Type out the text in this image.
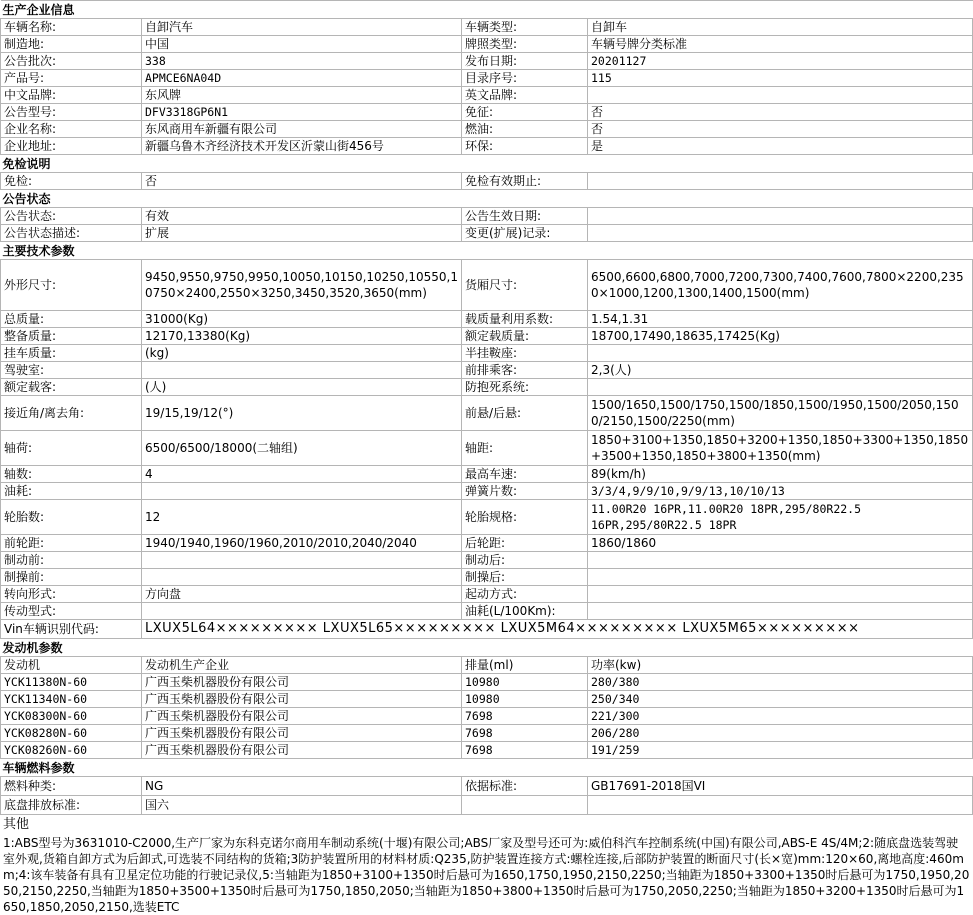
生产企业信息			
车辆名称:	自卸汽车	车辆类型:	自卸车
制造地:	中国	牌照类型:	车辆号牌分类标准
公告批次:	338	发布日期:	20201127
产品号:	APMCE6NA04D	目录序号:	115
中文品牌:	东风牌	英文品牌:	
公告型号:	DFV3318GP6N1	免征:	否
企业名称:	东风商用车新疆有限公司	燃油:	否
企业地址:	新疆乌鲁木齐经济技术开发区沂蒙山街456号	环保:	是
免检说明			
免检:	否	免检有效期止:	
公告状态			
公告状态:	有效	公告生效日期:	
公告状态描述:	扩展	变更(扩展)记录:	
主要技术参数			
外形尺寸:	9450,9550,9750,9950,10050,10150,10250,10550,10750×2400,2550×3250,3450,3520,3650(mm)	货厢尺寸:	6500,6600,6800,7000,7200,7300,7400,7600,7800×2200,2350×1000,1200,1300,1400,1500(mm)
总质量:	31000(Kg)	载质量利用系数:	1.54,1.31
整备质量:	12170,13380(Kg)	额定载质量:	18700,17490,18635,17425(Kg)
挂车质量:	(kg)	半挂鞍座:	
驾驶室:		前排乘客:	2,3(人)
额定载客:	(人)	防抱死系统:	
接近角/离去角:	19/15,19/12(°)	前悬/后悬:	1500/1650,1500/1750,1500/1850,1500/1950,1500/2050,1500/2150,1500/2250(mm)
轴荷:	6500/6500/18000(二轴组)	轴距:	1850+3100+1350,1850+3200+1350,1850+3300+1350,1850+3500+1350,1850+3800+1350(mm)
轴数:	4	最高车速:	89(km/h)
油耗:		弹簧片数:	3/3/4,9/9/10,9/9/13,10/10/13
轮胎数:	12	轮胎规格:	11.00R20 16PR,11.00R20 18PR,295/80R22.5
16PR,295/80R22.5 18PR

前轮距:	1940/1940,1960/1960,2010/2010,2040/2040	后轮距:	1860/1860
制动前:		制动后:	
制操前:		制操后:	
转向形式:	方向盘	起动方式:	
传动型式:		油耗(L/100Km):	
Vin车辆识别代码:	LXUX5L64××××××××× LXUX5L65××××××××× LXUX5M64××××××××× LXUX5M65×××××××××		
发动机参数			
发动机	发动机生产企业	排量(ml)	功率(kw)
YCK11380N-60	广西玉柴机器股份有限公司	10980	280/380
YCK11340N-60	广西玉柴机器股份有限公司	10980	250/340
YCK08300N-60	广西玉柴机器股份有限公司	7698	221/300
YCK08280N-60	广西玉柴机器股份有限公司	7698	206/280
YCK08260N-60	广西玉柴机器股份有限公司	7698	191/259
车辆燃料参数			
燃料种类:	NG	依据标准:	GB17691-2018国VI
底盘排放标准:	国六		
其他
1:ABS型号为3631010-C2000,生产厂家为东科克诺尔商用车制动系统(十堰)有限公司;ABS厂家及型号还可为:威伯科汽车控制系统(中国)有限公司,ABS-E 4S/4M;2:随底盘选装驾驶室外观,货箱自卸方式为后卸式,可选装不同结构的货箱;3防护装置所用的材料材质:Q235,防护装置连接方式:螺栓连接,后部防护装置的断面尺寸(长×宽)mm:120×60,离地高度:460mm;4:该车装备有具有卫星定位功能的行驶记录仪,5:当轴距为1850+3100+1350时后悬可为1650,1750,1950,2150,2250;当轴距为1850+3300+1350时后悬可为1750,1950,2050,2150,2250,当轴距为1850+3500+1350时后悬可为1750,1850,2050;当轴距为1850+3800+1350时后悬可为1750,2050,2250;当轴距为1850+3200+1350时后悬可为1650,1850,2050,2150,选装ETC
